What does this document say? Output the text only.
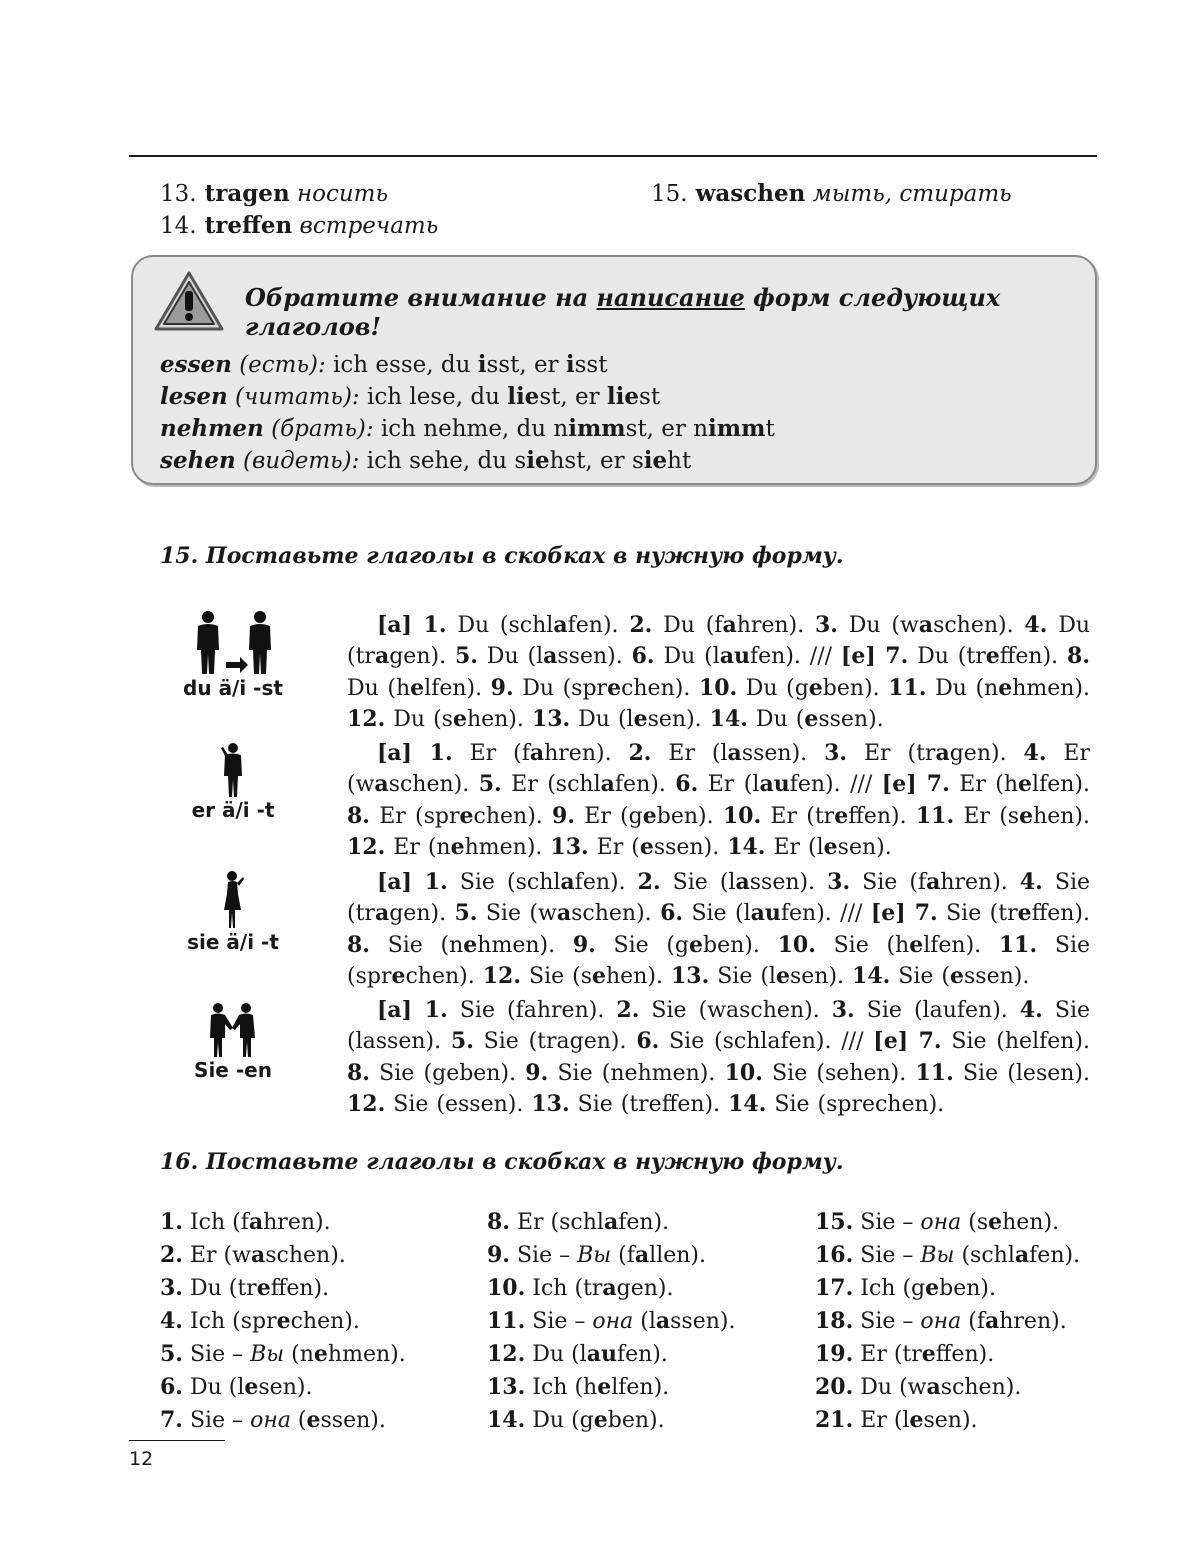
13. tragen носить
14. treffen встречать
15. waschen мыть, стирать
Обратите внимание на написание форм следующих глаголов!
essen (есть): ich esse, du isst, er isst
lesen (читать): ich lese, du liest, er liest
nehmen (брать): ich nehme, du nimmst, er nimmt
sehen (видеть): ich sehe, du siehst, er sieht
15. Поставьте глаголы в скобках в нужную форму.
du ä/i -st
er ä/i -t
sie ä/i -t
Sie -en
[a] 1. Du (schlafen). 2. Du (fahren). 3. Du (waschen). 4. Du (tragen). 5. Du (lassen). 6. Du (laufen). /// [e] 7. Du (treffen). 8. Du (helfen). 9. Du (sprechen). 10. Du (geben). 11. Du (nehmen). 12. Du (sehen). 13. Du (lesen). 14. Du (essen).
[a] 1. Er (fahren). 2. Er (lassen). 3. Er (tragen). 4. Er (waschen). 5. Er (schlafen). 6. Er (laufen). /// [e] 7. Er (helfen). 8. Er (sprechen). 9. Er (geben). 10. Er (treffen). 11. Er (sehen). 12. Er (nehmen). 13. Er (essen). 14. Er (lesen).
[a] 1. Sie (schlafen). 2. Sie (lassen). 3. Sie (fahren). 4. Sie (tragen). 5. Sie (waschen). 6. Sie (laufen). /// [e] 7. Sie (treffen). 8. Sie (nehmen). 9. Sie (geben). 10. Sie (helfen). 11. Sie (sprechen). 12. Sie (sehen). 13. Sie (lesen). 14. Sie (essen).
[a] 1. Sie (fahren). 2. Sie (waschen). 3. Sie (laufen). 4. Sie (lassen). 5. Sie (tragen). 6. Sie (schlafen). /// [e] 7. Sie (helfen). 8. Sie (geben). 9. Sie (nehmen). 10. Sie (sehen). 11. Sie (lesen). 12. Sie (essen). 13. Sie (treffen). 14. Sie (sprechen).
16. Поставьте глаголы в скобках в нужную форму.
1. Ich (fahren).
2. Er (waschen).
3. Du (treffen).
4. Ich (sprechen).
5. Sie – Вы (nehmen).
6. Du (lesen).
7. Sie – она (essen).
8. Er (schlafen).
9. Sie – Вы (fallen).
10. Ich (tragen).
11. Sie – она (lassen).
12. Du (laufen).
13. Ich (helfen).
14. Du (geben).
15. Sie – она (sehen).
16. Sie – Вы (schlafen).
17. Ich (geben).
18. Sie – она (fahren).
19. Er (treffen).
20. Du (waschen).
21. Er (lesen).
12
